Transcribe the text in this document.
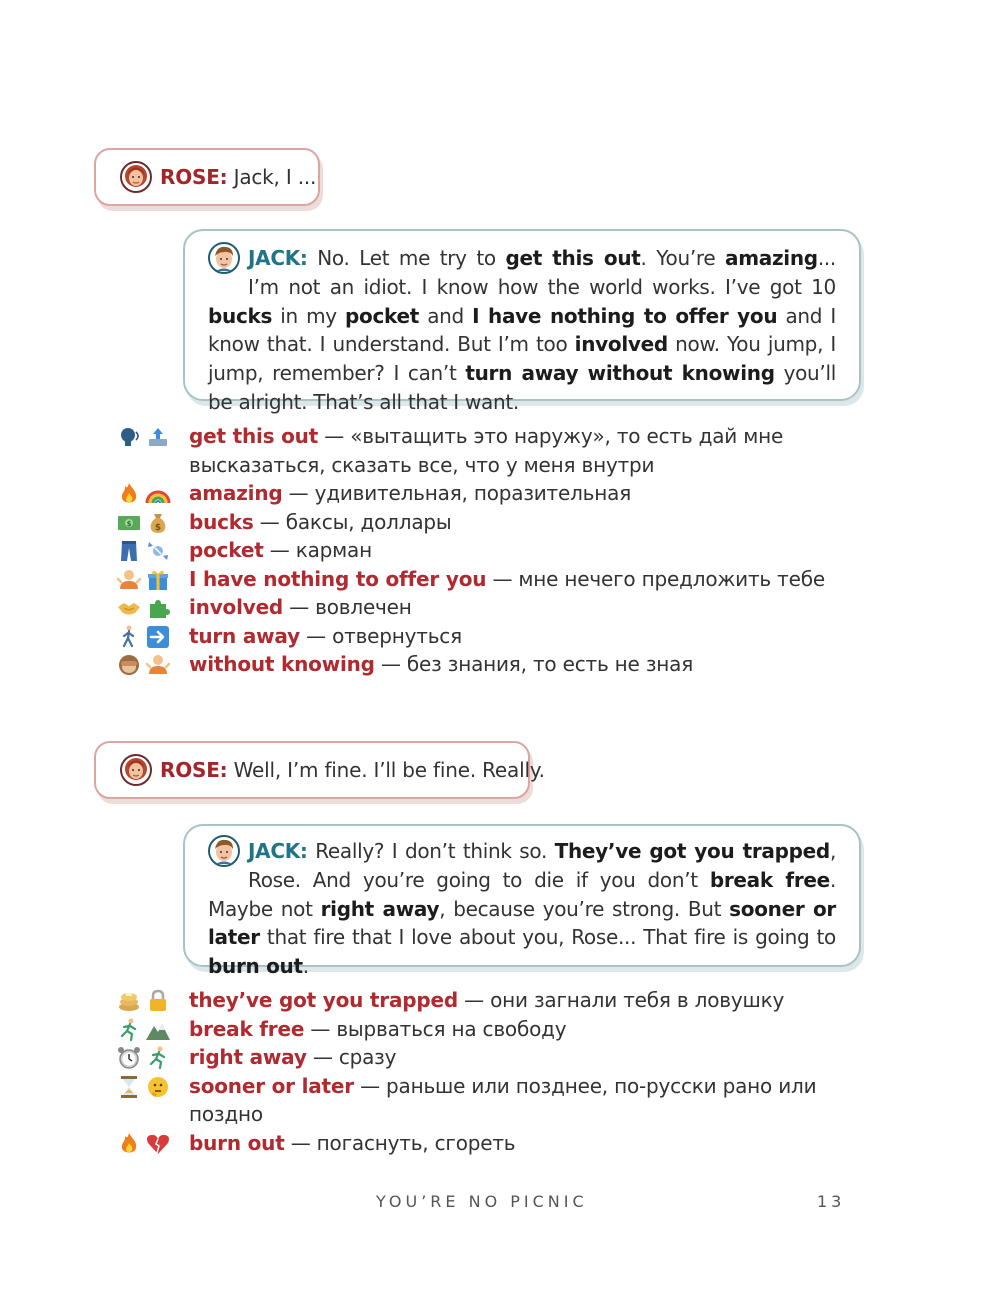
ROSE: Jack, I ...
JACK: No. Let me try to get this out. You’re amazing... I’m not an idiot. I know how the world works. I’ve got 10 bucks in my pocket and I have nothing to offer you and I know that. I understand. But I’m too involved now. You jump, I jump, remember? I can’t turn away without knowing you’ll be alright. That’s all that I want.
get this out — «вытащить это наружу», то есть дай мне высказаться, сказать все, что у меня внутри
amazing — удивительная, поразительная
$	$ bucks — баксы, доллары
pocket — карман
I have nothing to offer you — мне нечего предложить тебе
involved — вовлечен
turn away — отвернуться
without knowing — без знания, то есть не зная
ROSE: Well, I’m fine. I’ll be fine. Really.
JACK: Really? I don’t think so. They’ve got you trapped, Rose. And you’re going to die if you don’t break free. Maybe not right away, because you’re strong. But sooner or later that fire that I love about you, Rose... That fire is going to burn out.
they’ve got you trapped — они загнали тебя в ловушку
break free — вырваться на свободу
right away — сразу
sooner or later — раньше или позднее, по-русски рано или поздно
burn out — погаснуть, сгореть
YOU’RE NO PICNIC	13
